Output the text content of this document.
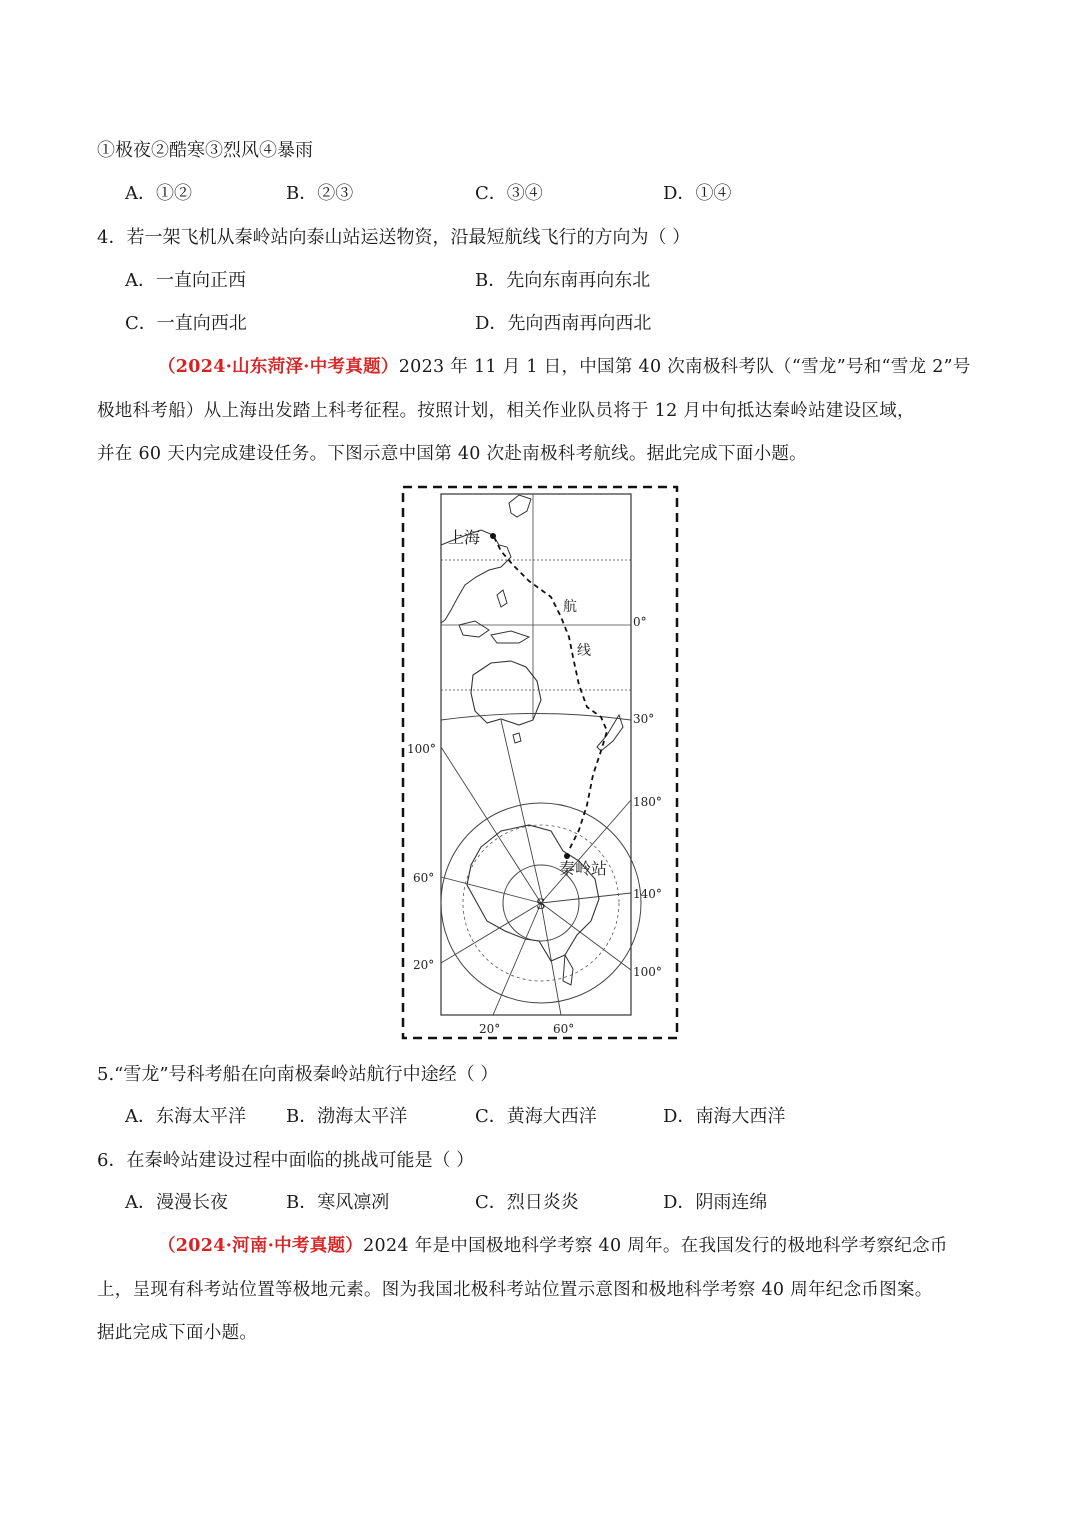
①极夜②酷寒③烈风④暴雨
A．①②	B．②③	C．③④	D．①④
4．若一架飞机从秦岭站向泰山站运送物资，沿最短航线飞行的方向为（ ）
A．一直向正西	B．先向东南再向东北
C．一直向西北	D．先向西南再向西北
（2024·山东菏泽·中考真题）2023 年 11 月 1 日，中国第 40 次南极科考队（“雪龙”号和“雪龙 2”号
极地科考船）从上海出发踏上科考征程。按照计划，相关作业队员将于 12 月中旬抵达秦岭站建设区域，
并在 60 天内完成建设任务。下图示意中国第 40 次赴南极科考航线。据此完成下面小题。
上海
航
线
秦岭站
S
0°
30°
100°
180°
60°
140°
20°	100°
20°	60°
5.“雪龙”号科考船在向南极秦岭站航行中途经（ ）
A．东海太平洋 B．渤海太平洋	C．黄海大西洋	D．南海大西洋
6．在秦岭站建设过程中面临的挑战可能是（ ）
A．漫漫长夜	B．寒风凛冽	C．烈日炎炎	D．阴雨连绵
（2024·河南·中考真题）2024 年是中国极地科学考察 40 周年。在我国发行的极地科学考察纪念币
上，呈现有科考站位置等极地元素。图为我国北极科考站位置示意图和极地科学考察 40 周年纪念币图案。
据此完成下面小题。
